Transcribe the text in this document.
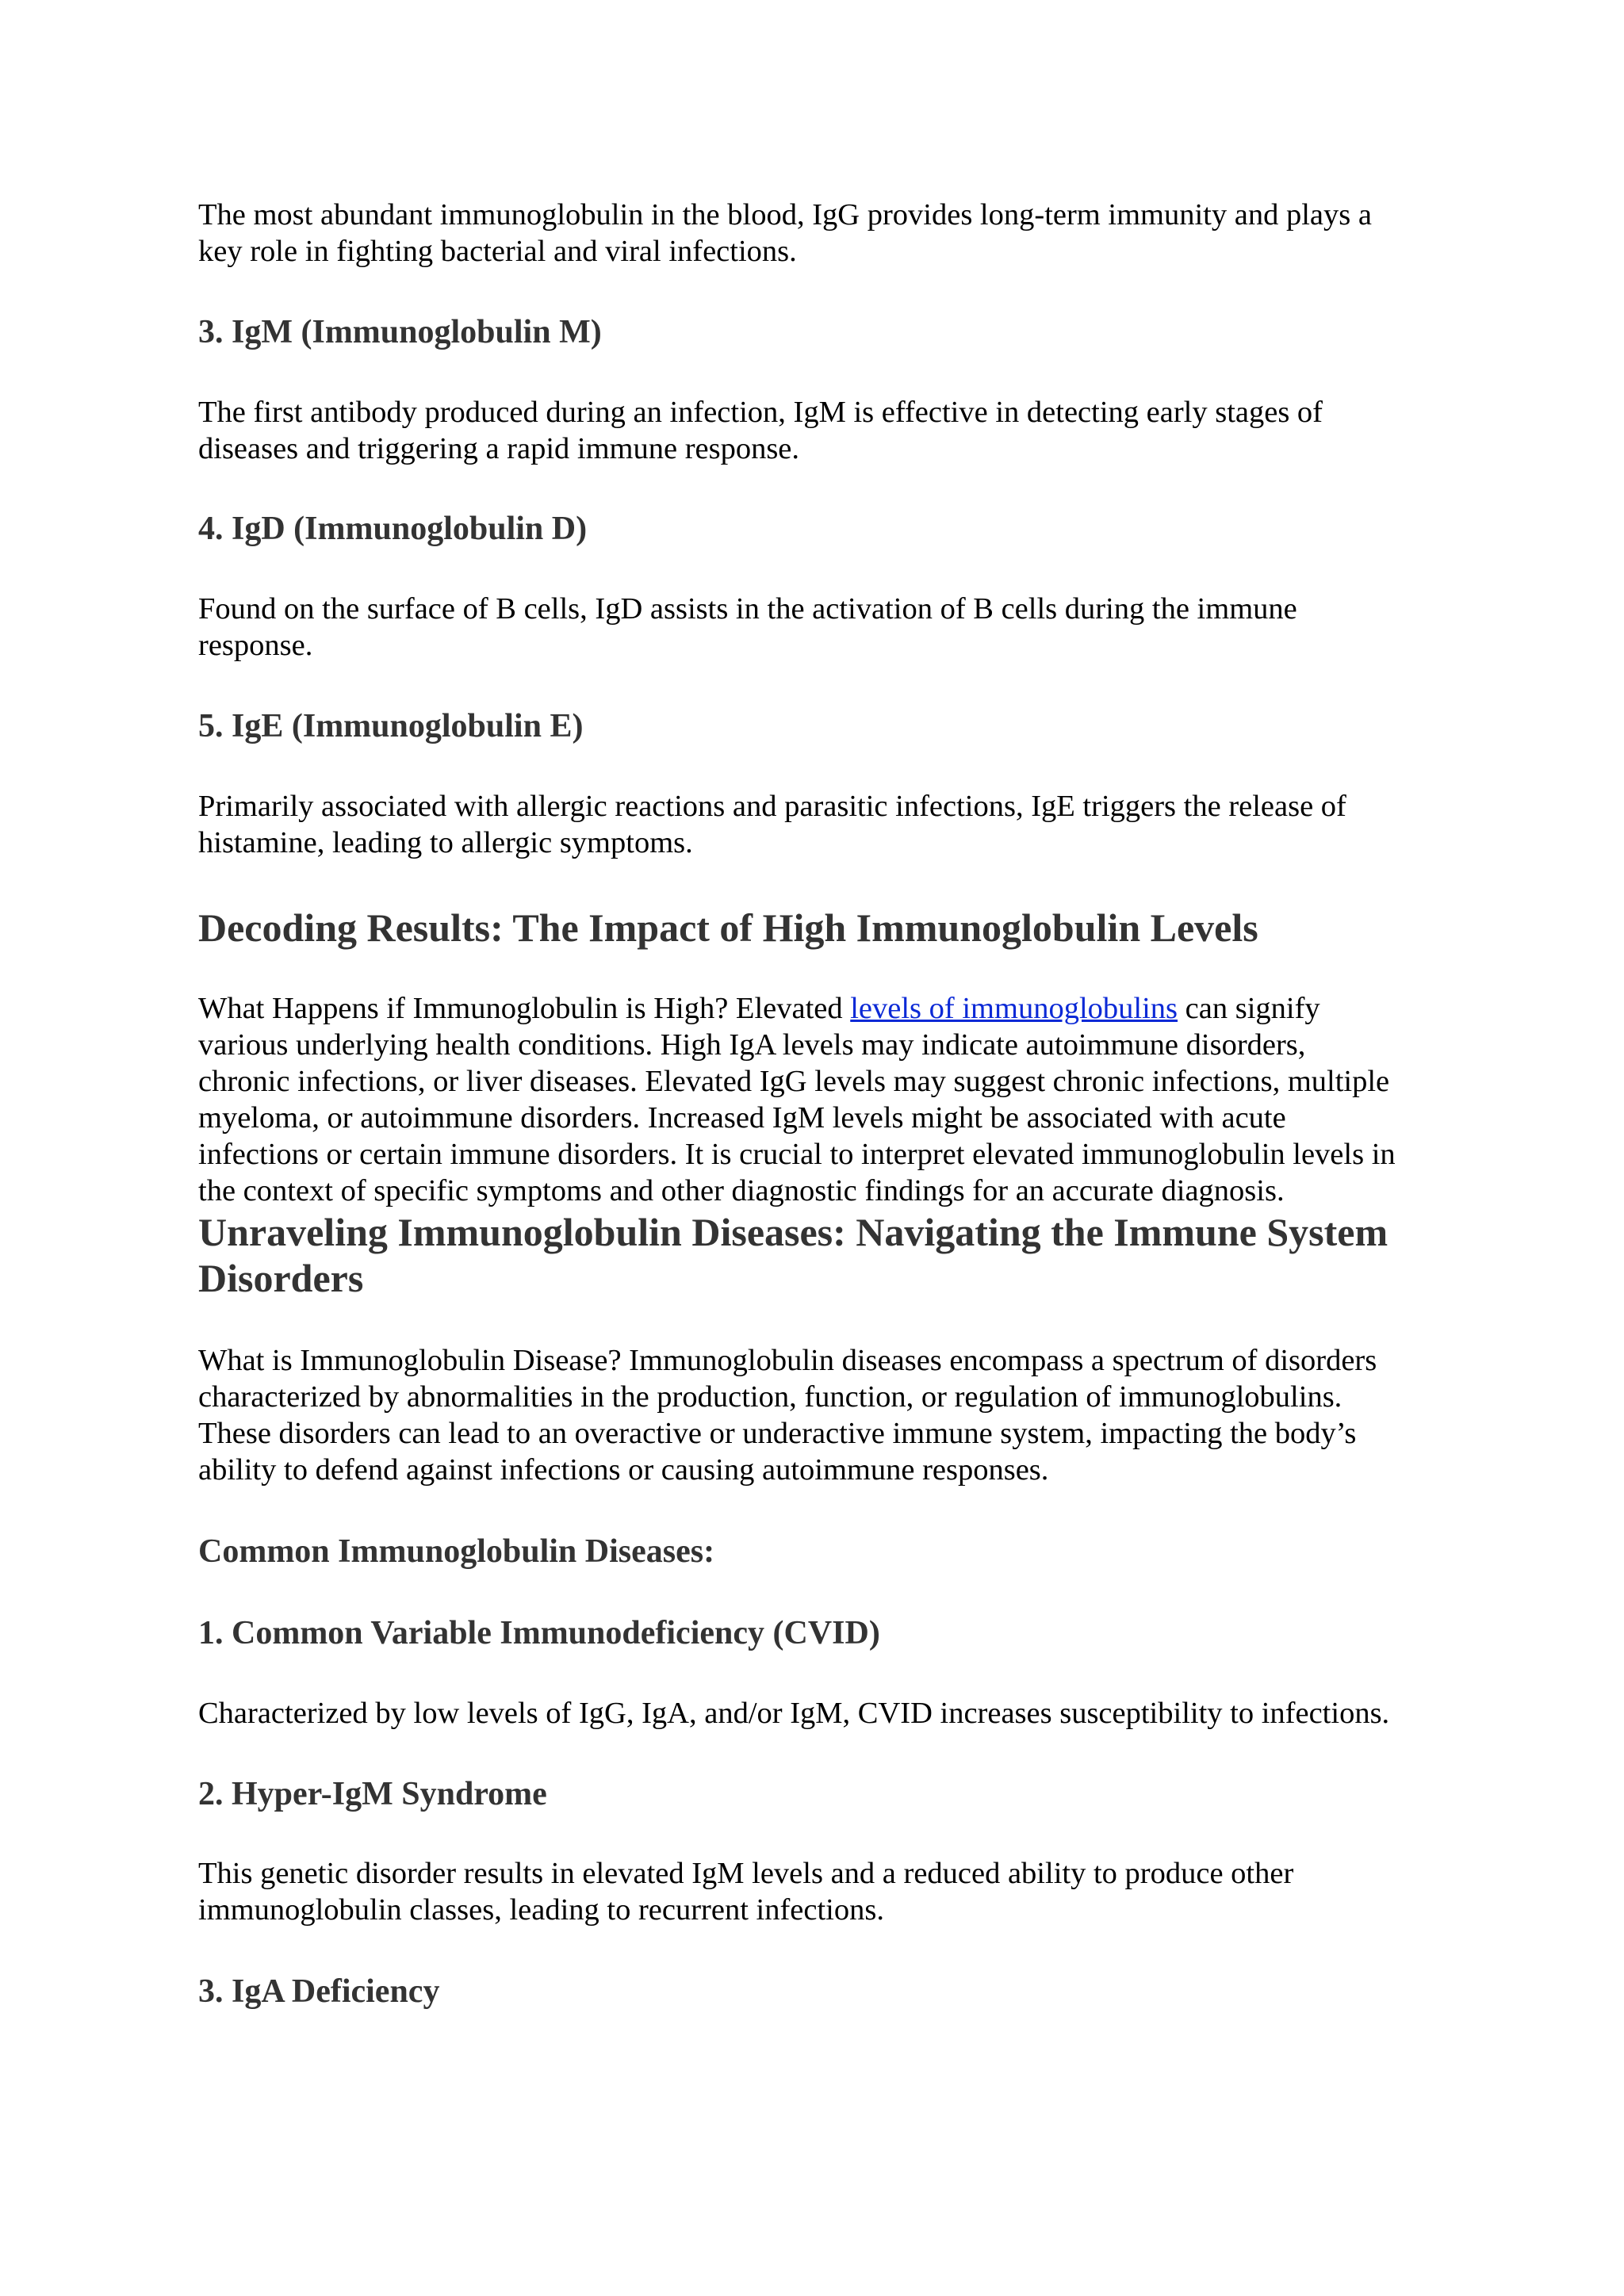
The most abundant immunoglobulin in the blood, IgG provides long-term immunity and plays a
key role in fighting bacterial and viral infections.

3. IgM (Immunoglobulin M)

The first antibody produced during an infection, IgM is effective in detecting early stages of
diseases and triggering a rapid immune response.

4. IgD (Immunoglobulin D)

Found on the surface of B cells, IgD assists in the activation of B cells during the immune
response.

5. IgE (Immunoglobulin E)

Primarily associated with allergic reactions and parasitic infections, IgE triggers the release of
histamine, leading to allergic symptoms.

Decoding Results: The Impact of High Immunoglobulin Levels

What Happens if Immunoglobulin is High? Elevated levels of immunoglobulins can signify
various underlying health conditions. High IgA levels may indicate autoimmune disorders,
chronic infections, or liver diseases. Elevated IgG levels may suggest chronic infections, multiple
myeloma, or autoimmune disorders. Increased IgM levels might be associated with acute
infections or certain immune disorders. It is crucial to interpret elevated immunoglobulin levels in
the context of specific symptoms and other diagnostic findings for an accurate diagnosis.

Unraveling Immunoglobulin Diseases: Navigating the Immune System
Disorders

What is Immunoglobulin Disease? Immunoglobulin diseases encompass a spectrum of disorders
characterized by abnormalities in the production, function, or regulation of immunoglobulins.
These disorders can lead to an overactive or underactive immune system, impacting the body’s
ability to defend against infections or causing autoimmune responses.

Common Immunoglobulin Diseases:
1. Common Variable Immunodeficiency (CVID)

Characterized by low levels of IgG, IgA, and/or IgM, CVID increases susceptibility to infections.

2. Hyper-IgM Syndrome

This genetic disorder results in elevated IgM levels and a reduced ability to produce other
immunoglobulin classes, leading to recurrent infections.

3. IgA Deficiency
